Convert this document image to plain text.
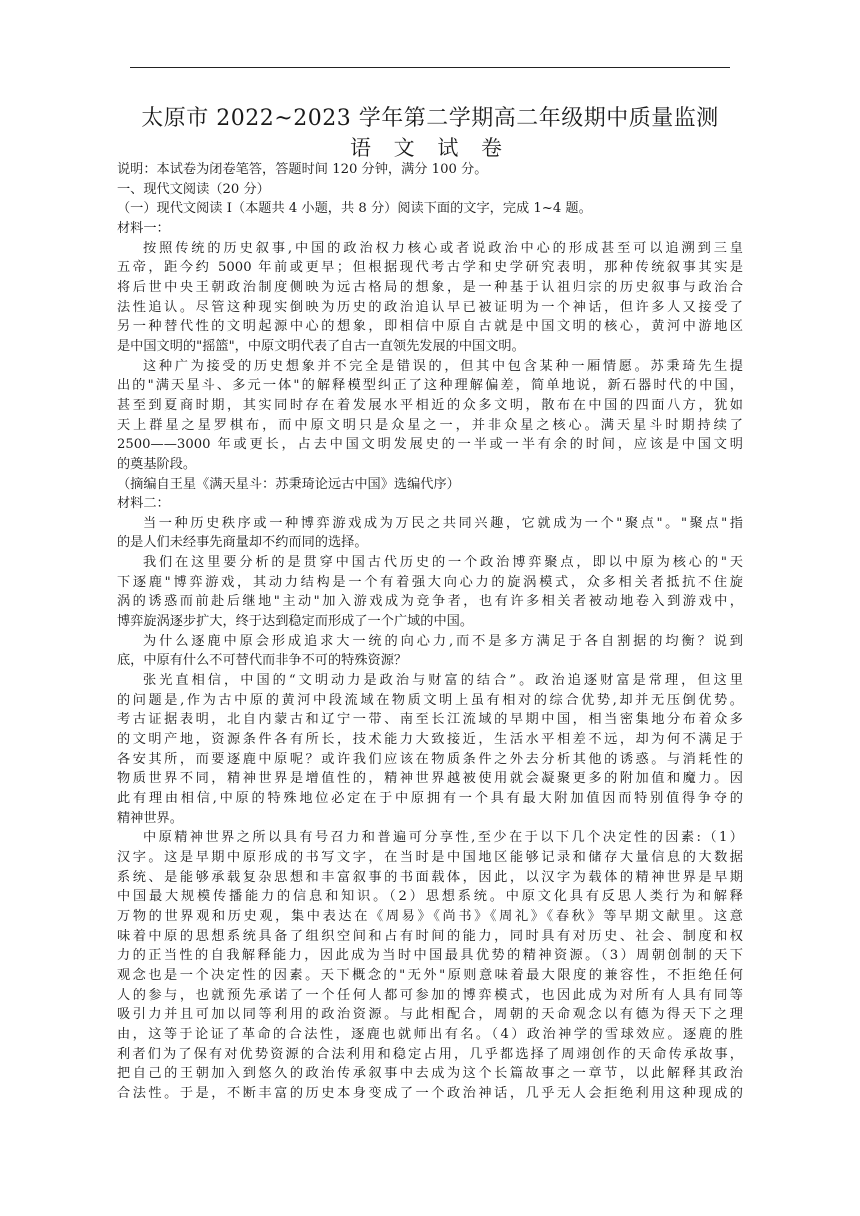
太原市 2022~2023 学年第二学期高二年级期中质量监测
语 文 试 卷
说明：本试卷为闭卷笔答，答题时间 120 分钟，满分 100 分。
一、现代文阅读（20 分）
（一）现代文阅读 I（本题共 4 小题，共 8 分）阅读下面的文字，完成 1~4 题。
材料一：
按照传统的历史叙事,中国的政治权力核心或者说政治中心的形成甚至可以追溯到三皇
五帝，距今约 5000 年前或更早；但根据现代考古学和史学研究表明，那种传统叙事其实是
将后世中央王朝政治制度侧映为远古格局的想象，是一种基于认祖归宗的历史叙事与政治合
法性追认。尽管这种现实倒映为历史的政治追认早已被证明为一个神话，但许多人又接受了
另一种替代性的文明起源中心的想象，即相信中原自古就是中国文明的核心，黄河中游地区
是中国文明的"摇篮"，中原文明代表了自古一直领先发展的中国文明。
这种广为接受的历史想象并不完全是错误的，但其中包含某种一厢情愿。苏秉琦先生提
出的"满天星斗、多元一体"的解释模型纠正了这种理解偏差，简单地说，新石器时代的中国，
甚至到夏商时期，其实同时存在着发展水平相近的众多文明，散布在中国的四面八方，犹如
天上群星之星罗棋布，而中原文明只是众星之一，并非众星之核心。满天星斗时期持续了
2500——3000 年或更长，占去中国文明发展史的一半或一半有余的时间，应该是中国文明
的奠基阶段。
（摘编自王星《满天星斗：苏秉琦论远古中国》选编代序）
材料二：
当一种历史秩序或一种博弈游戏成为万民之共同兴趣，它就成为一个"聚点"。"聚点"指
的是人们未经事先商量却不约而同的选择。
我们在这里要分析的是贯穿中国古代历史的一个政治博弈聚点，即以中原为核心的"天
下逐鹿"博弈游戏，其动力结构是一个有着强大向心力的旋涡模式，众多相关者抵抗不住旋
涡的诱惑而前赴后继地"主动"加入游戏成为竞争者，也有许多相关者被动地卷入到游戏中，
博弈旋涡逐步扩大，终于达到稳定而形成了一个广域的中国。
为什么逐鹿中原会形成追求大一统的向心力,而不是多方满足于各自割据的均衡？说到
底，中原有什么不可替代而非争不可的特殊资源？
张光直相信，中国的“文明动力是政治与财富的结合”。政治追逐财富是常理，但这里
的问题是,作为古中原的黄河中段流域在物质文明上虽有相对的综合优势,却并无压倒优势。
考古证据表明，北自内蒙古和辽宁一带、南至长江流域的早期中国，相当密集地分布着众多
的文明产地，资源条件各有所长，技术能力大致接近，生活水平相差不远，却为何不满足于
各安其所，而要逐鹿中原呢？或许我们应该在物质条件之外去分析其他的诱惑。与消耗性的
物质世界不同，精神世界是增值性的，精神世界越被使用就会凝聚更多的附加值和魔力。因
此有理由相信,中原的特殊地位必定在于中原拥有一个具有最大附加值因而特别值得争夺的
精神世界。
中原精神世界之所以具有号召力和普遍可分享性,至少在于以下几个决定性的因素:（1）
汉字。这是早期中原形成的书写文字，在当时是中国地区能够记录和储存大量信息的大数据
系统、是能够承载复杂思想和丰富叙事的书面载体，因此，以汉字为载体的精神世界是早期
中国最大规模传播能力的信息和知识。（2）思想系统。中原文化具有反思人类行为和解释
万物的世界观和历史观，集中表达在《周易》《尚书》《周礼》《春秋》等早期文献里。这意
味着中原的思想系统具备了组织空间和占有时间的能力，同时具有对历史、社会、制度和权
力的正当性的自我解释能力，因此成为当时中国最具优势的精神资源。（3）周朝创制的天下
观念也是一个决定性的因素。天下概念的"无外"原则意味着最大限度的兼容性，不拒绝任何
人的参与，也就预先承诺了一个任何人都可参加的博弈模式，也因此成为对所有人具有同等
吸引力并且可加以同等利用的政治资源。与此相配合，周朝的天命观念以有德为得天下之理
由，这等于论证了革命的合法性，逐鹿也就师出有名。（4）政治神学的雪球效应。逐鹿的胜
利者们为了保有对优势资源的合法利用和稳定占用，几乎都选择了周翊创作的天命传承故事，
把自己的王朝加入到悠久的政治传承叙事中去成为这个长篇故事之一章节，以此解释其政治
合法性。于是，不断丰富的历史本身变成了一个政治神话，几乎无人会拒绝利用这种现成的
